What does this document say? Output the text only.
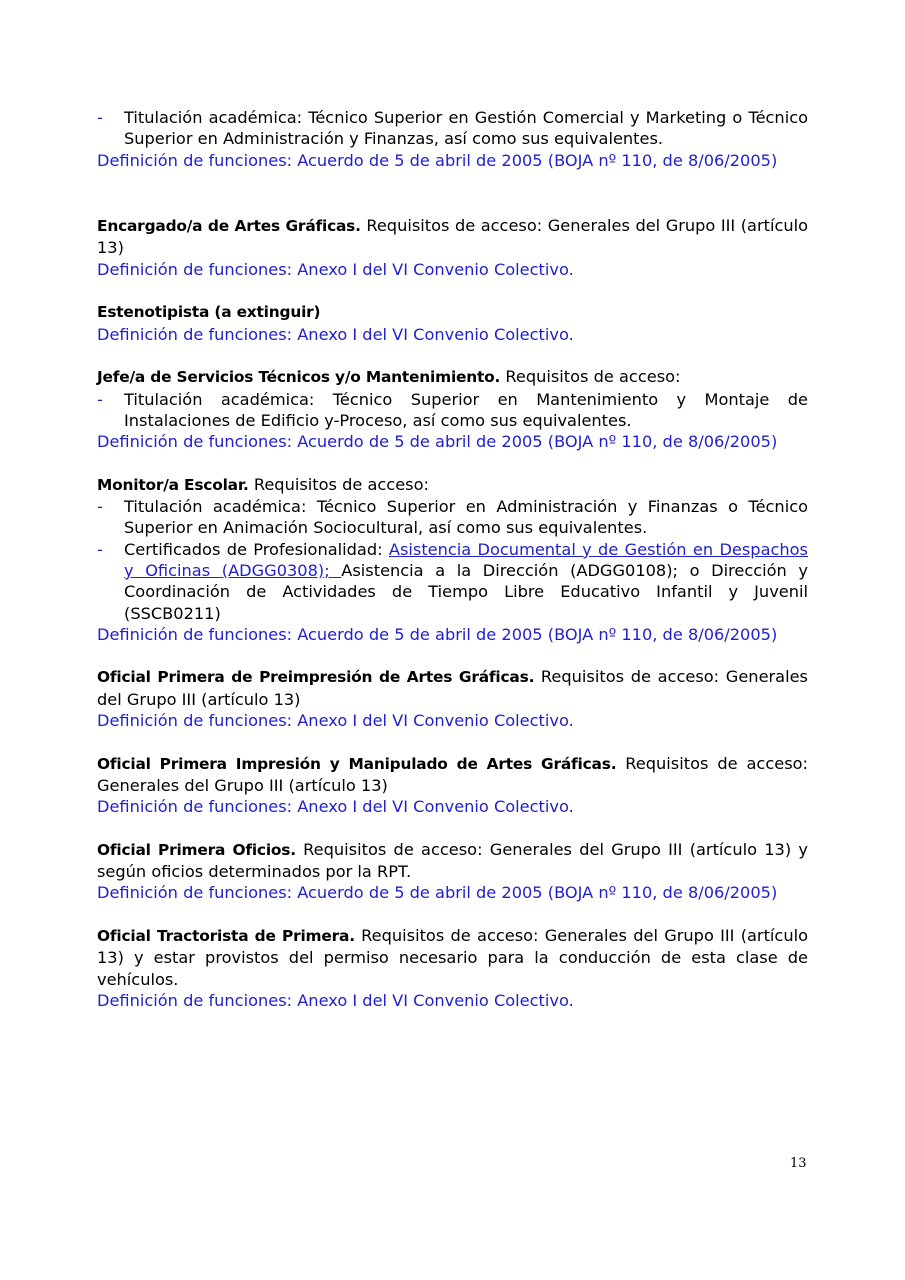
- Titulación académica: Técnico Superior en Gestión Comercial y Marketing o Técnico Superior en Administración y Finanzas, así como sus equivalentes.

Definición de funciones: Acuerdo de 5 de abril de 2005 (BOJA nº 110, de 8/06/2005)

Encargado/a de Artes Gráficas. Requisitos de acceso: Generales del Grupo III (artículo 13)

Definición de funciones: Anexo I del VI Convenio Colectivo.

Estenotipista (a extinguir)

Definición de funciones: Anexo I del VI Convenio Colectivo.

Jefe/a de Servicios Técnicos y/o Mantenimiento. Requisitos de acceso:

- Titulación académica: Técnico Superior en Mantenimiento y Montaje de Instalaciones de Edificio y-Proceso, así como sus equivalentes.

Definición de funciones: Acuerdo de 5 de abril de 2005 (BOJA nº 110, de 8/06/2005)

Monitor/a Escolar. Requisitos de acceso:

- Titulación académica: Técnico Superior en Administración y Finanzas o Técnico Superior en Animación Sociocultural, así como sus equivalentes.
- Certificados de Profesionalidad: Asistencia Documental y de Gestión en Despachos y Oficinas (ADGG0308); Asistencia a la Dirección (ADGG0108); o Dirección y Coordinación de Actividades de Tiempo Libre Educativo Infantil y Juvenil (SSCB0211)

Definición de funciones: Acuerdo de 5 de abril de 2005 (BOJA nº 110, de 8/06/2005)

Oficial Primera de Preimpresión de Artes Gráficas. Requisitos de acceso: Generales del Grupo III (artículo 13)

Definición de funciones: Anexo I del VI Convenio Colectivo.

Oficial Primera Impresión y Manipulado de Artes Gráficas. Requisitos de acceso: Generales del Grupo III (artículo 13)

Definición de funciones: Anexo I del VI Convenio Colectivo.

Oficial Primera Oficios. Requisitos de acceso: Generales del Grupo III (artículo 13) y según oficios determinados por la RPT.

Definición de funciones: Acuerdo de 5 de abril de 2005 (BOJA nº 110, de 8/06/2005)

Oficial Tractorista de Primera. Requisitos de acceso: Generales del Grupo III (artículo 13) y estar provistos del permiso necesario para la conducción de esta clase de vehículos.

Definición de funciones: Anexo I del VI Convenio Colectivo.

13
